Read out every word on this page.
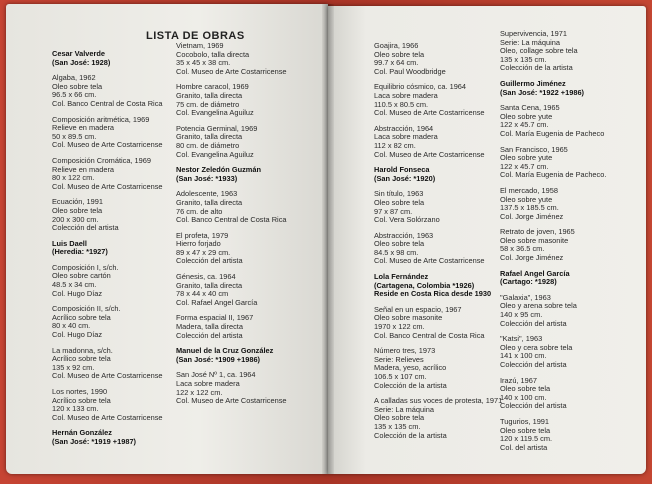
LISTA DE OBRAS
Cesar Valverde
(San José: 1928)
Algaba, 1962
Oleo sobre tela
96.5 x 66 cm.
Col. Banco Central de Costa Rica
Composición aritmética, 1969
Relieve en madera
50 x 89.5 cm.
Col. Museo de Arte Costarricense
Composición Cromática, 1969
Relieve en madera
80 x 122 cm.
Col. Museo de Arte Costarricense
Ecuación, 1991
Oleo sobre tela
200 x 300 cm.
Colección del artista
Luis Daell
(Heredia: *1927)
Composición I, s/ch.
Oleo sobre cartón
48.5 x 34 cm.
Col. Hugo Díaz
Composición II, s/ch.
Acrílico sobre tela
80 x 40 cm.
Col. Hugo Díaz
La madonna, s/ch.
Acrílico sobre tela
135 x 92 cm.
Col. Museo de Arte Costarricense
Los nortes, 1990
Acrílico sobre tela
120 x 133 cm.
Col. Museo de Arte Costarricense
Hernán González
(San José: *1919 +1987)
Vietnam, 1969
Cocobolo, talla directa
35 x 45 x 38 cm.
Col. Museo de Arte Costarricense
Hombre caracol, 1969
Granito, talla directa
75 cm. de diámetro
Col. Evangelina Aguiluz
Potencia Germinal, 1969
Granito, talla directa
80 cm. de diámetro
Col. Evangelina Aguiluz
Nestor Zeledón Guzmán
(San José: *1933)
Adolescente, 1963
Granito, talla directa
76 cm. de alto
Col. Banco Central de Costa Rica
El profeta, 1979
Hierro forjado
89 x 47 x 29 cm.
Colección del artista
Génesis, ca. 1964
Granito, talla directa
78 x 44 x 40 cm
Col. Rafael Angel García
Forma espacial II, 1967
Madera, talla directa
Colección del artista
Manuel de la Cruz González
(San José: *1909 +1986)
San José Nº 1, ca. 1964
Laca sobre madera
122 x 122 cm.
Col. Museo de Arte Costarricense
Goajira, 1966
Oleo sobre tela
99.7 x 64 cm.
Col. Paul Woodbridge
Equilibrio cósmico, ca. 1964
Laca sobre madera
110.5 x 80.5 cm.
Col. Museo de Arte Costarricense
Abstracción, 1964
Laca sobre madera
112 x 82 cm.
Col. Museo de Arte Costarricense
Harold Fonseca
(San José: *1920)
Sin título, 1963
Oleo sobre tela
97 x 87 cm.
Col. Vera Solórzano
Abstracción, 1963
Oleo sobre tela
84.5 x 98 cm.
Col. Museo de Arte Costarricense
Lola Fernández
(Cartagena, Colombia *1926)
Reside en Costa Rica desde 1930
Señal en un espacio, 1967
Oleo sobre masonite
1970 x 122 cm.
Col. Banco Central de Costa Rica
Número tres, 1973
Serie: Relieves
Madera, yeso, acrílico
106.5 x 107 cm.
Colección de la artista
A calladas sus voces de protesta, 1971
Serie: La máquina
Oleo sobre tela
135 x 135 cm.
Colección de la artista
Supervivencia, 1971
Serie: La máquina
Oleo, collage sobre tela
135 x 135 cm.
Colección de la artista
Guillermo Jiménez
(San José: *1922 +1986)
Santa Cena, 1965
Oleo sobre yute
122 x 45.7 cm.
Col. María Eugenia de Pacheco
San Francisco, 1965
Oleo sobre yute
122 x 45.7 cm.
Col. María Eugenia de Pacheco.
El mercado, 1958
Oleo sobre yute
137.5 x 185.5 cm.
Col. Jorge Jiménez
Retrato de joven, 1965
Oleo sobre masonite
58 x 36.5 cm.
Col. Jorge Jiménez
Rafael Angel García
(Cartago: *1928)
"Galaxia", 1963
Oleo y arena sobre tela
140 x 95 cm.
Colección del artista
"Katsi", 1963
Oleo y cera sobre tela
141 x 100 cm.
Colección del artista
Irazú, 1967
Oleo sobre tela
140 x 100 cm.
Colección del artista
Tugurios, 1991
Oleo sobre tela
120 x 119.5 cm.
Col. del artista
